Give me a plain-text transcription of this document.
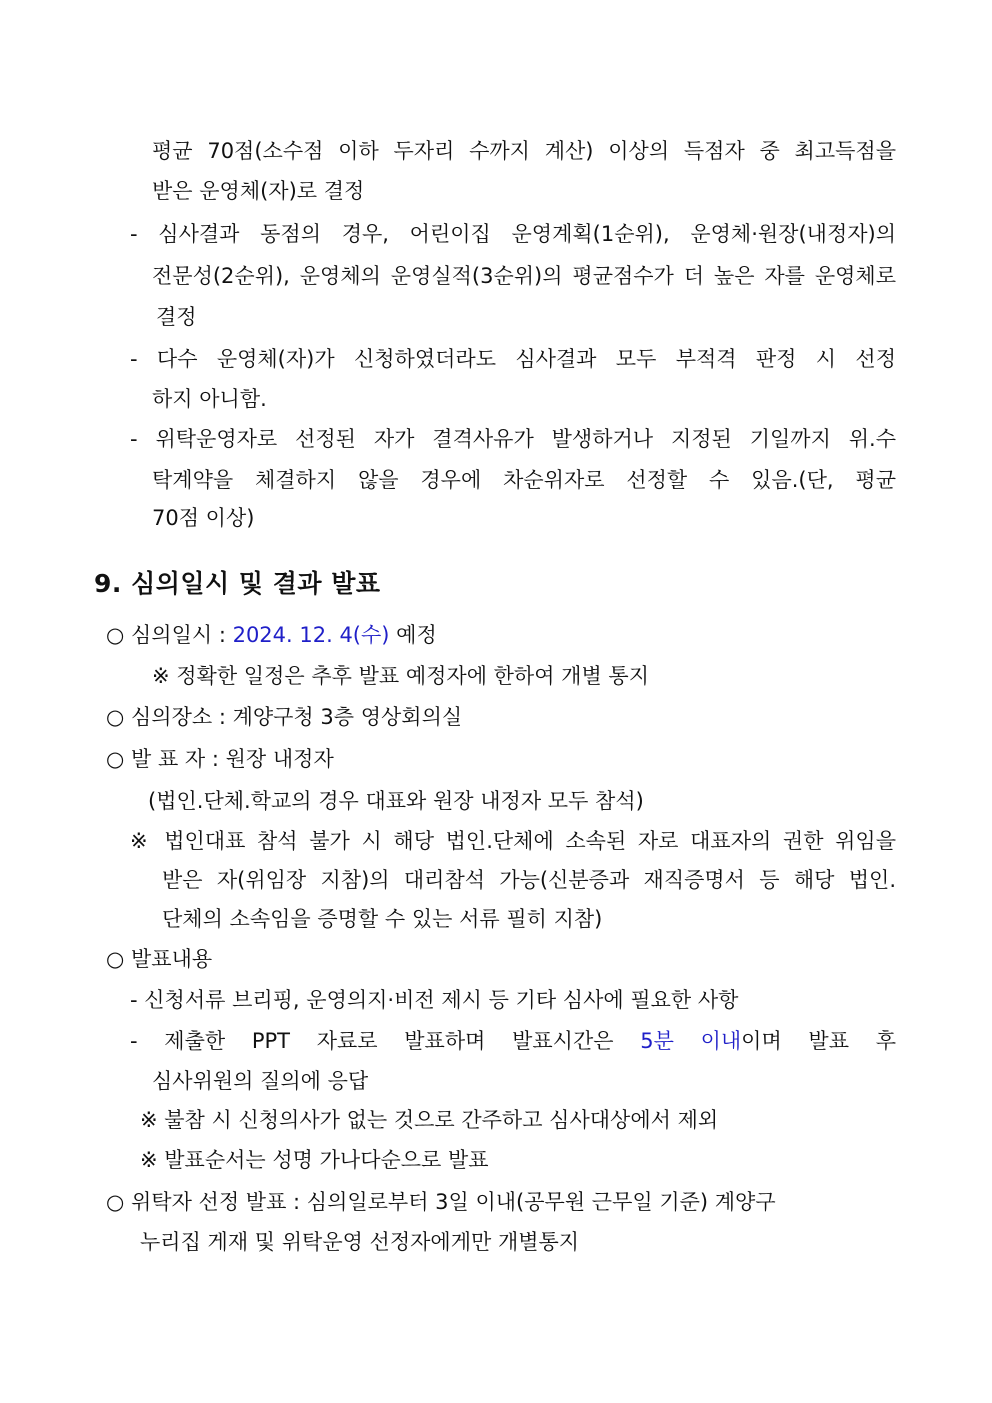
평균 70점(소수점 이하 두자리 수까지 계산) 이상의 득점자 중 최고득점을
받은 운영체(자)로 결정
- 심사결과 동점의 경우, 어린이집 운영계획(1순위), 운영체·원장(내정자)의
전문성(2순위), 운영체의 운영실적(3순위)의 평균점수가 더 높은 자를 운영체로
결정
- 다수 운영체(자)가 신청하였더라도 심사결과 모두 부적격 판정 시 선정
하지 아니함.
- 위탁운영자로 선정된 자가 결격사유가 발생하거나 지정된 기일까지 위.수
탁계약을 체결하지 않을 경우에 차순위자로 선정할 수 있음.(단, 평균
70점 이상)
9. 심의일시 및 결과 발표
○ 심의일시 : 2024. 12. 4(수) 예정
※ 정확한 일정은 추후 발표 예정자에 한하여 개별 통지
○ 심의장소 : 계양구청 3층 영상회의실
○ 발 표 자 : 원장 내정자
(법인.단체.학교의 경우 대표와 원장 내정자 모두 참석)
※ 법인대표 참석 불가 시 해당 법인.단체에 소속된 자로 대표자의 권한 위임을
받은 자(위임장 지참)의 대리참석 가능(신분증과 재직증명서 등 해당 법인.
단체의 소속임을 증명할 수 있는 서류 필히 지참)
○ 발표내용
- 신청서류 브리핑, 운영의지·비전 제시 등 기타 심사에 필요한 사항
- 제출한 PPT 자료로 발표하며 발표시간은 5분 이내이며 발표 후
심사위원의 질의에 응답
※ 불참 시 신청의사가 없는 것으로 간주하고 심사대상에서 제외
※ 발표순서는 성명 가나다순으로 발표
○ 위탁자 선정 발표 : 심의일로부터 3일 이내(공무원 근무일 기준) 계양구
누리집 게재 및 위탁운영 선정자에게만 개별통지
